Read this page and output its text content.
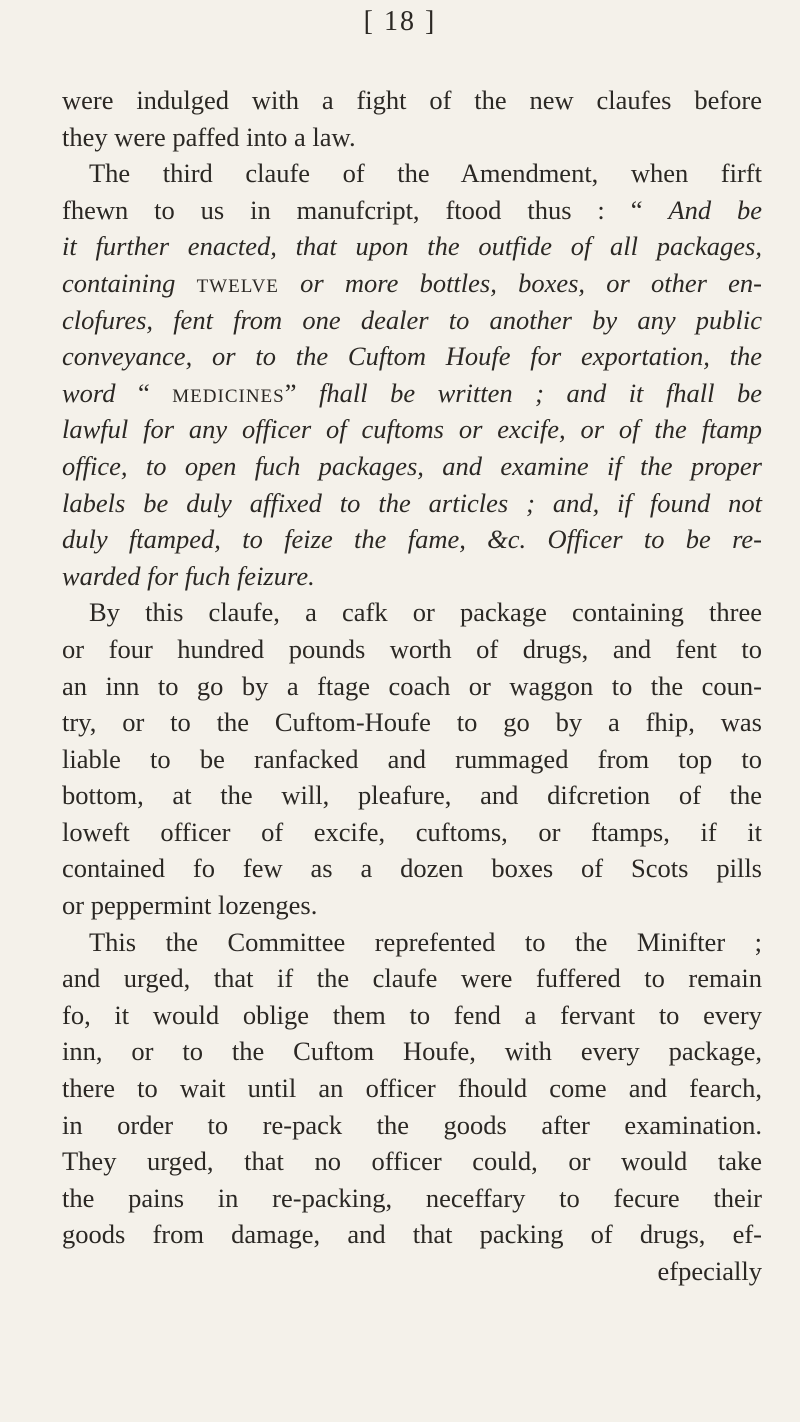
[ 18 ]
were indulged with a fight of the new claufes before
they were paffed into a law.
The third claufe of the Amendment, when firft
fhewn to us in manufcript, ftood thus : “ And be
it further enacted, that upon the outfide of all packages,
containing twelve or more bottles, boxes, or other en-
clofures, fent from one dealer to another by any public
conveyance, or to the Cuftom Houfe for exportation, the
word “ medicines” fhall be written ; and it fhall be
lawful for any officer of cuftoms or excife, or of the ftamp
office, to open fuch packages, and examine if the proper
labels be duly affixed to the articles ; and, if found not
duly ftamped, to feize the fame, &c. Officer to be re-
warded for fuch feizure.
By this claufe, a cafk or package containing three
or four hundred pounds worth of drugs, and fent to
an inn to go by a ftage coach or waggon to the coun-
try, or to the Cuftom-Houfe to go by a fhip, was
liable to be ranfacked and rummaged from top to
bottom, at the will, pleafure, and difcretion of the
loweft officer of excife, cuftoms, or ftamps, if it
contained fo few as a dozen boxes of Scots pills
or peppermint lozenges.
This the Committee reprefented to the Minifter ;
and urged, that if the claufe were fuffered to remain
fo, it would oblige them to fend a fervant to every
inn, or to the Cuftom Houfe, with every package,
there to wait until an officer fhould come and fearch,
in order to re-pack the goods after examination.
They urged, that no officer could, or would take
the pains in re-packing, neceffary to fecure their
goods from damage, and that packing of drugs, ef-
efpecially
